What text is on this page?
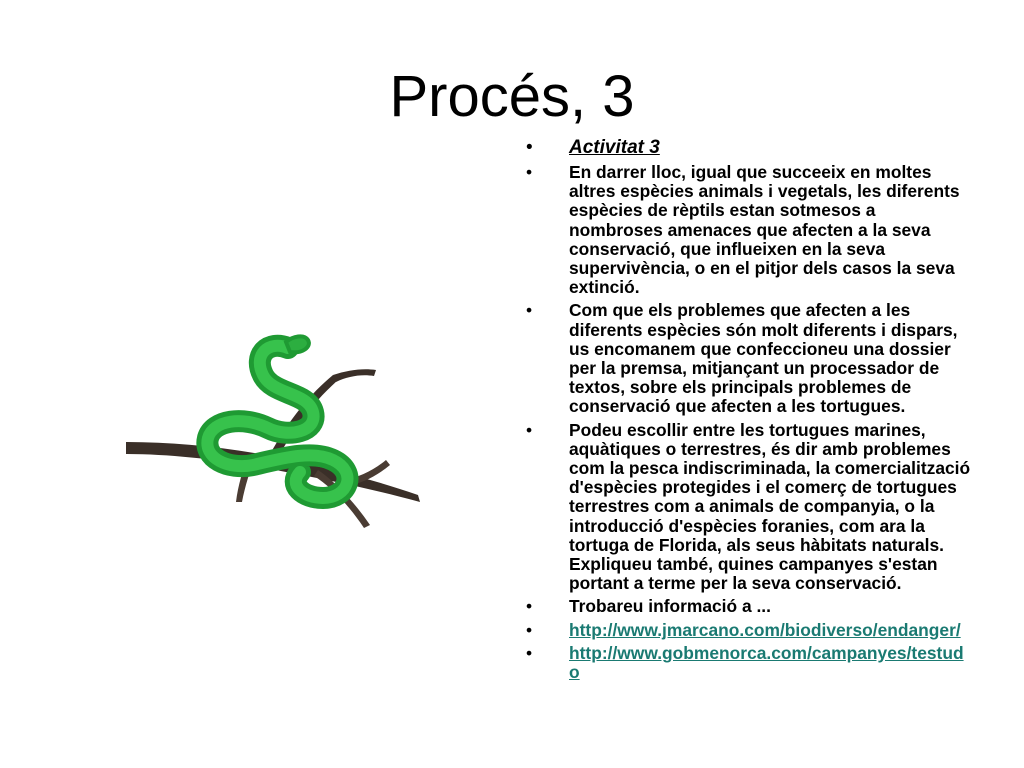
Procés, 3
• Activitat 3
• En darrer lloc, igual que succeeix en moltes altres espècies animals i vegetals, les diferents espècies de rèptils estan sotmesos a nombroses amenaces que afecten a la seva conservació, que influeixen en la seva supervivència, o en el pitjor dels casos la seva extinció.
• Com que els problemes que afecten a les diferents espècies són molt diferents i dispars, us encomanem que confeccioneu una dossier per la premsa, mitjançant un processador de textos, sobre els principals problemes de conservació que afecten a les tortugues.
• Podeu escollir entre les tortugues marines, aquàtiques o terrestres, és dir amb problemes com la pesca indiscriminada, la comercialització d'espècies protegides i el comerç de tortugues terrestres com a animals de companyia, o la introducció d'espècies foranies, com ara la tortuga de Florida, als seus hàbitats naturals. Expliqueu també, quines campanyes s'estan portant a terme per la seva conservació.
• Trobareu informació a ...
• http://www.jmarcano.com/biodiverso/endanger/
• http://www.gobmenorca.com/campanyes/testudo
